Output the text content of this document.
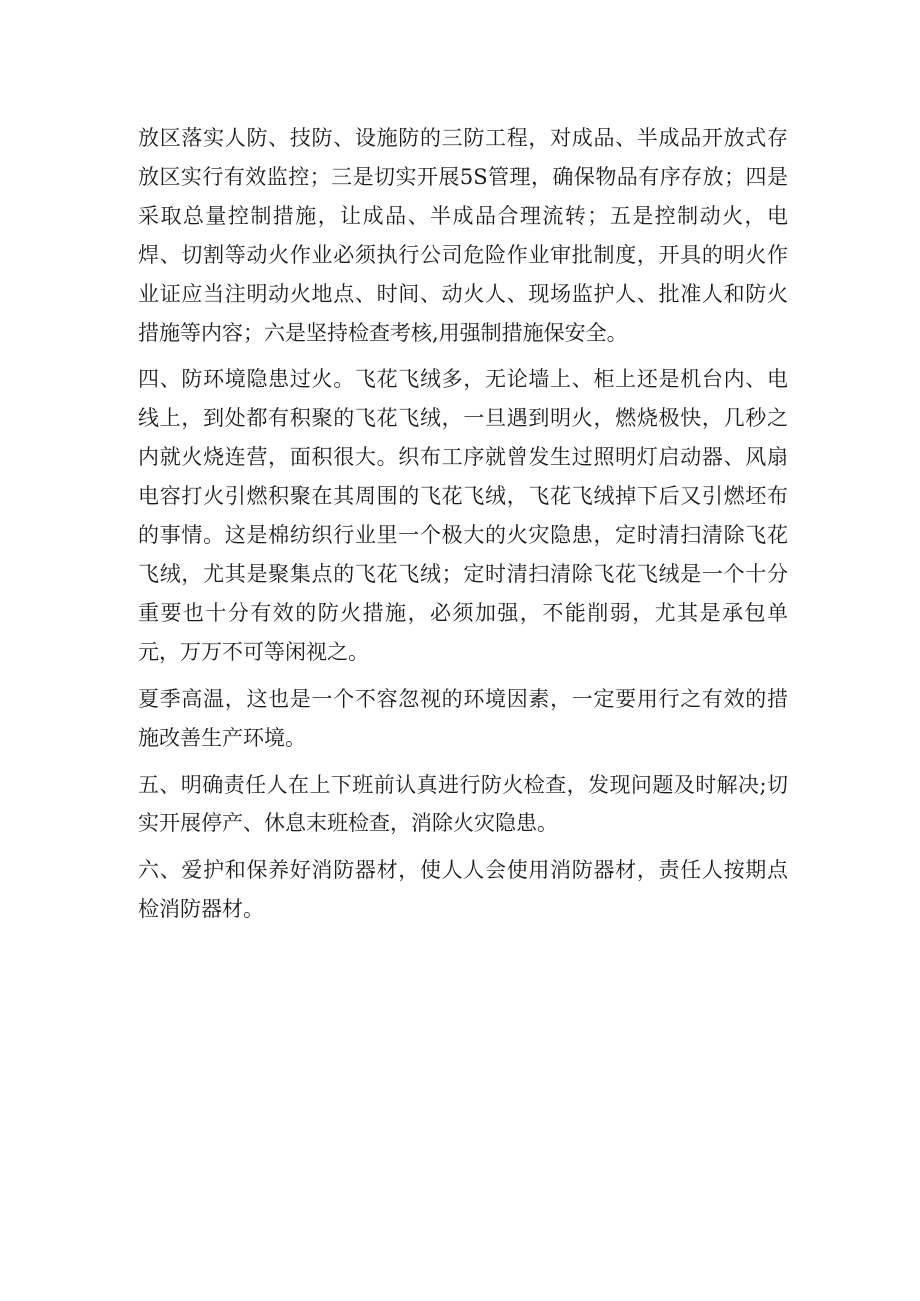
放区落实人防、技防、设施防的三防工程，对成品、半成品开放式存放区实行有效监控；三是切实开展5S管理，确保物品有序存放；四是采取总量控制措施，让成品、半成品合理流转；五是控制动火，电焊、切割等动火作业必须执行公司危险作业审批制度，开具的明火作业证应当注明动火地点、时间、动火人、现场监护人、批准人和防火措施等内容；六是坚持检查考核,用强制措施保安全。

四、防环境隐患过火。飞花飞绒多，无论墙上、柜上还是机台内、电线上，到处都有积聚的飞花飞绒，一旦遇到明火，燃烧极快，几秒之内就火烧连营，面积很大。织布工序就曾发生过照明灯启动器、风扇电容打火引燃积聚在其周围的飞花飞绒，飞花飞绒掉下后又引燃坯布的事情。这是棉纺织行业里一个极大的火灾隐患，定时清扫清除飞花飞绒，尤其是聚集点的飞花飞绒；定时清扫清除飞花飞绒是一个十分重要也十分有效的防火措施，必须加强，不能削弱，尤其是承包单元，万万不可等闲视之。

夏季高温，这也是一个不容忽视的环境因素，一定要用行之有效的措施改善生产环境。

五、明确责任人在上下班前认真进行防火检查，发现问题及时解决;切实开展停产、休息末班检查，消除火灾隐患。

六、爱护和保养好消防器材，使人人会使用消防器材，责任人按期点检消防器材。
